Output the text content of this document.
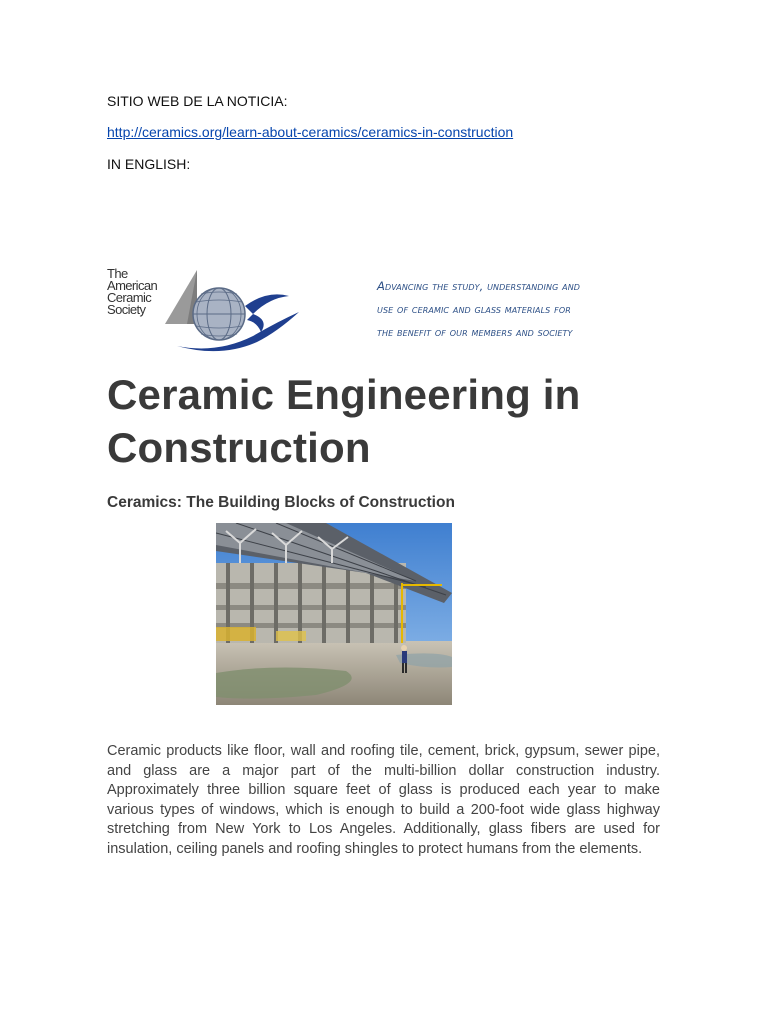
SITIO WEB DE LA NOTICIA:
http://ceramics.org/learn-about-ceramics/ceramics-in-construction
IN ENGLISH:
The
American
Ceramic
Society
Advancing the study, understanding and
use of ceramic and glass materials for
the benefit of our members and society
Ceramic Engineering in Construction
Ceramics: The Building Blocks of Construction

Ceramic products like floor, wall and roofing tile, cement, brick, gypsum, sewer pipe, and glass are a major part of the multi-billion dollar construction industry. Approximately three billion square feet of glass is produced each year to make various types of windows, which is enough to build a 200-foot wide glass highway stretching from New York to Los Angeles. Additionally, glass fibers are used for insulation, ceiling panels and roofing shingles to protect humans from the elements.
